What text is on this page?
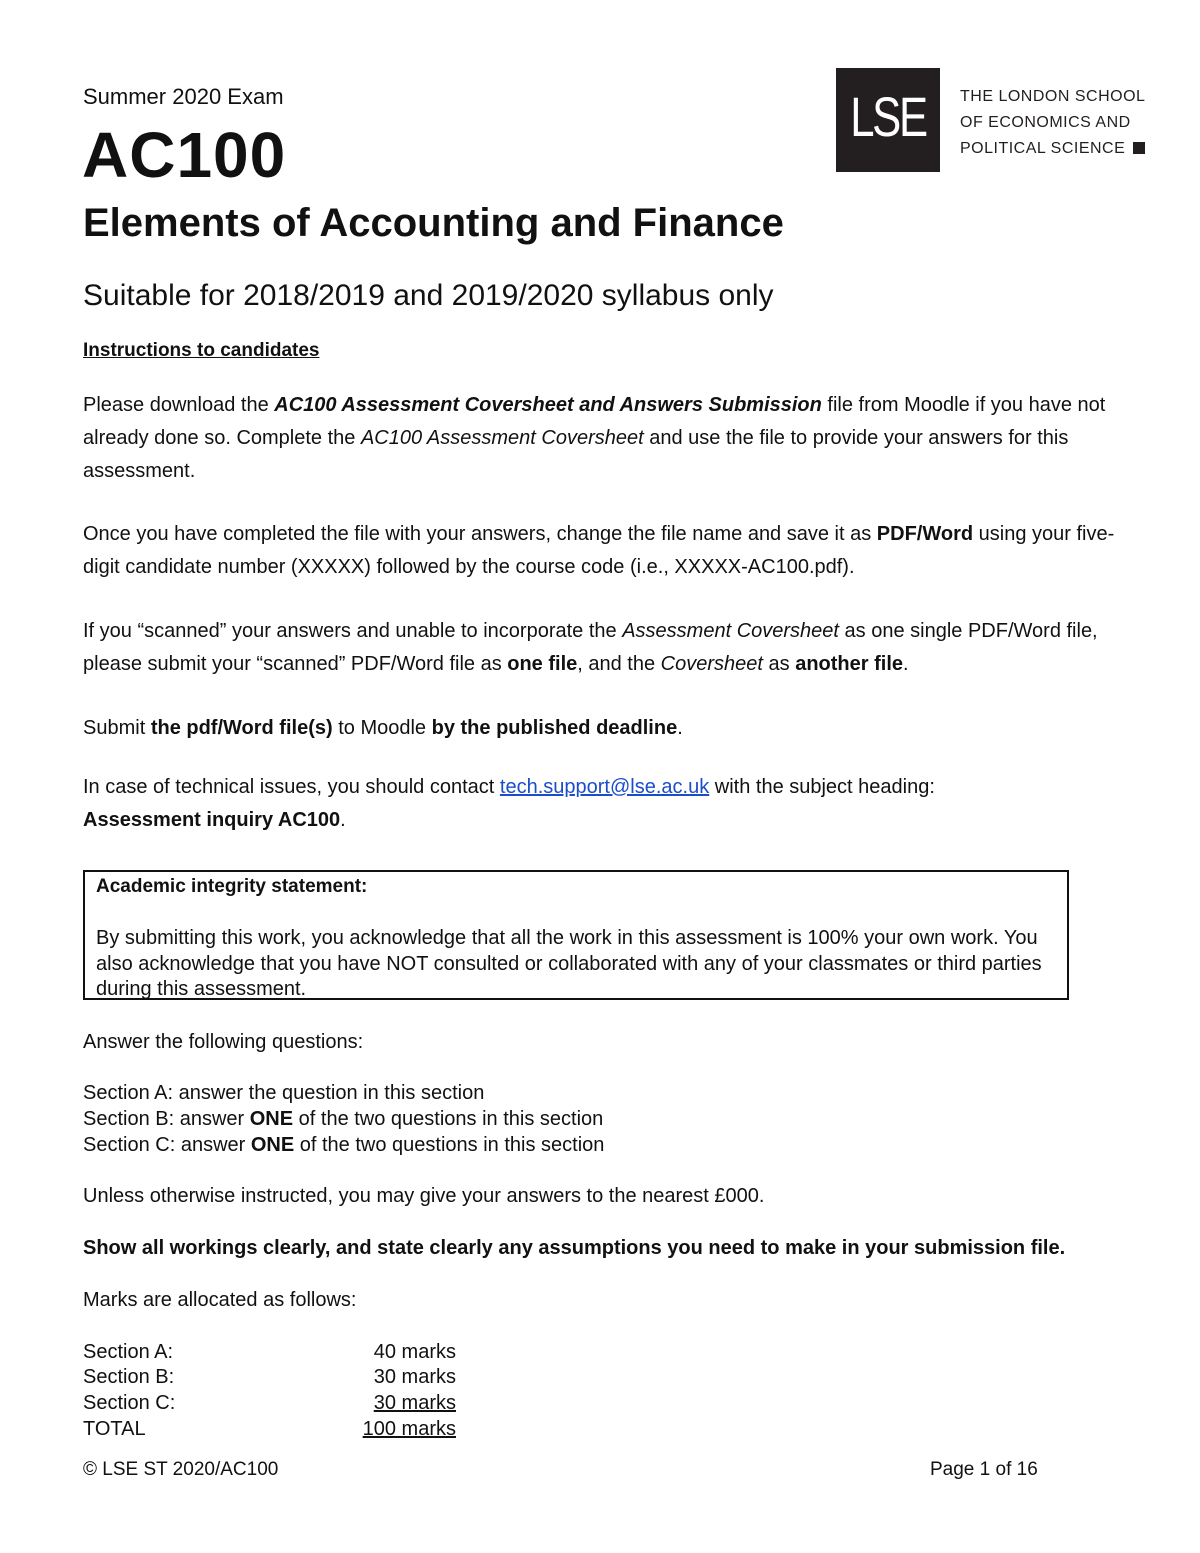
Summer 2020 Exam
AC100
Elements of Accounting and Finance
Suitable for 2018/2019 and 2019/2020 syllabus only
LSE THE LONDON SCHOOL
OF ECONOMICS AND
POLITICAL SCIENCE
Instructions to candidates
Please download the AC100 Assessment Coversheet and Answers Submission file from Moodle if you have not already done so. Complete the AC100 Assessment Coversheet and use the file to provide your answers for this assessment.
Once you have completed the file with your answers, change the file name and save it as PDF/Word using your five-digit candidate number (XXXXX) followed by the course code (i.e., XXXXX-AC100.pdf).
If you “scanned” your answers and unable to incorporate the Assessment Coversheet as one single PDF/Word file, please submit your “scanned” PDF/Word file as one file, and the Coversheet as another file.
Submit the pdf/Word file(s) to Moodle by the published deadline.
In case of technical issues, you should contact tech.support@lse.ac.uk with the subject heading:
Assessment inquiry AC100.
Academic integrity statement:
By submitting this work, you acknowledge that all the work in this assessment is 100% your own work. You also acknowledge that you have NOT consulted or collaborated with any of your classmates or third parties during this assessment.
Answer the following questions:
Section A: answer the question in this section
Section B: answer ONE of the two questions in this section
Section C: answer ONE of the two questions in this section
Unless otherwise instructed, you may give your answers to the nearest £000.
Show all workings clearly, and state clearly any assumptions you need to make in your submission file.
Marks are allocated as follows:
Section A:	40 marks
Section B:	30 marks
Section C:	30 marks
TOTAL	100 marks
© LSE ST 2020/AC100	Page 1 of 16
